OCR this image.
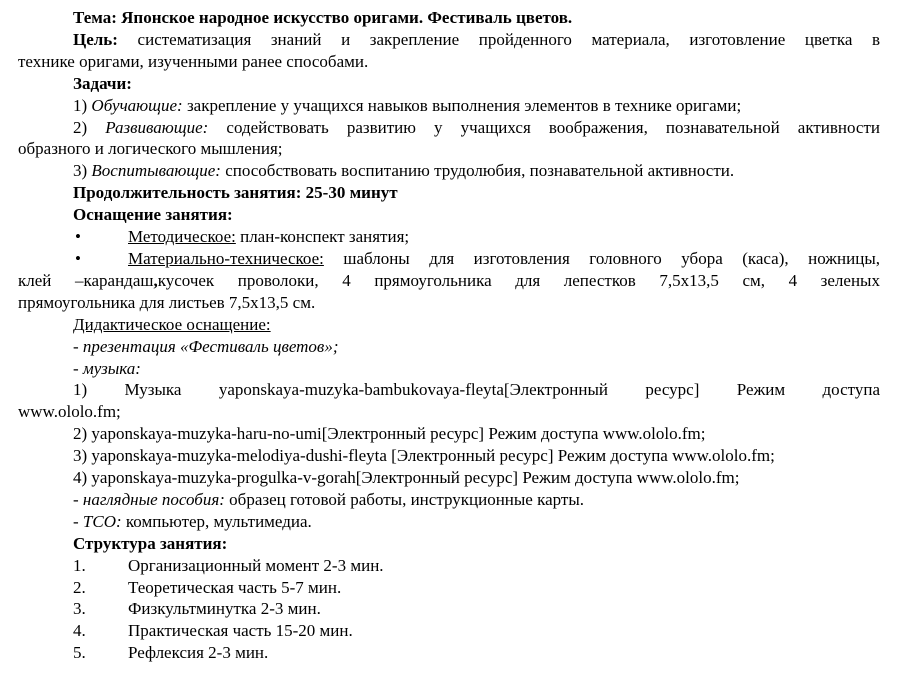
Тема: Японское народное искусство оригами. Фестиваль цветов.

Цель: систематизация знаний и закрепление пройденного материала, изготовление цветка в

технике оригами, изученными ранее способами.

Задачи:

1) Обучающие: закрепление у учащихся навыков выполнения элементов в технике оригами;

2) Развивающие: содействовать развитию у учащихся воображения, познавательной активности

образного и логического мышления;

3) Воспитывающие: способствовать воспитанию трудолюбия, познавательной активности.

Продолжительность занятия: 25-30 минут

Оснащение занятия:

•	Методическое: план-конспект занятия;

•	Материально-техническое: шаблоны для изготовления головного убора (каса), ножницы,

клей –карандаш,кусочек проволоки, 4 прямоугольника для лепестков 7,5х13,5 см, 4 зеленых

прямоугольника для листьев 7,5х13,5 см.

Дидактическое оснащение:

- презентация «Фестиваль цветов»;

- музыка:

1) Музыка yaponskaya-muzyka-bambukovaya-fleyta[Электронный ресурс] Режим доступа

www.ololo.fm;

2) yaponskaya-muzyka-haru-no-umi[Электронный ресурс] Режим доступа www.ololo.fm;

3) yaponskaya-muzyka-melodiya-dushi-fleyta [Электронный ресурс] Режим доступа www.ololo.fm;

4) yaponskaya-muzyka-progulka-v-gorah[Электронный ресурс] Режим доступа www.ololo.fm;

- наглядные пособия: образец готовой работы, инструкционные карты.

- ТСО: компьютер, мультимедиа.

Структура занятия:

1. Организационный момент 2-3 мин.

2. Теоретическая часть 5-7 мин.

3. Физкультминутка 2-3 мин.

4. Практическая часть 15-20 мин.

5. Рефлексия 2-3 мин.
